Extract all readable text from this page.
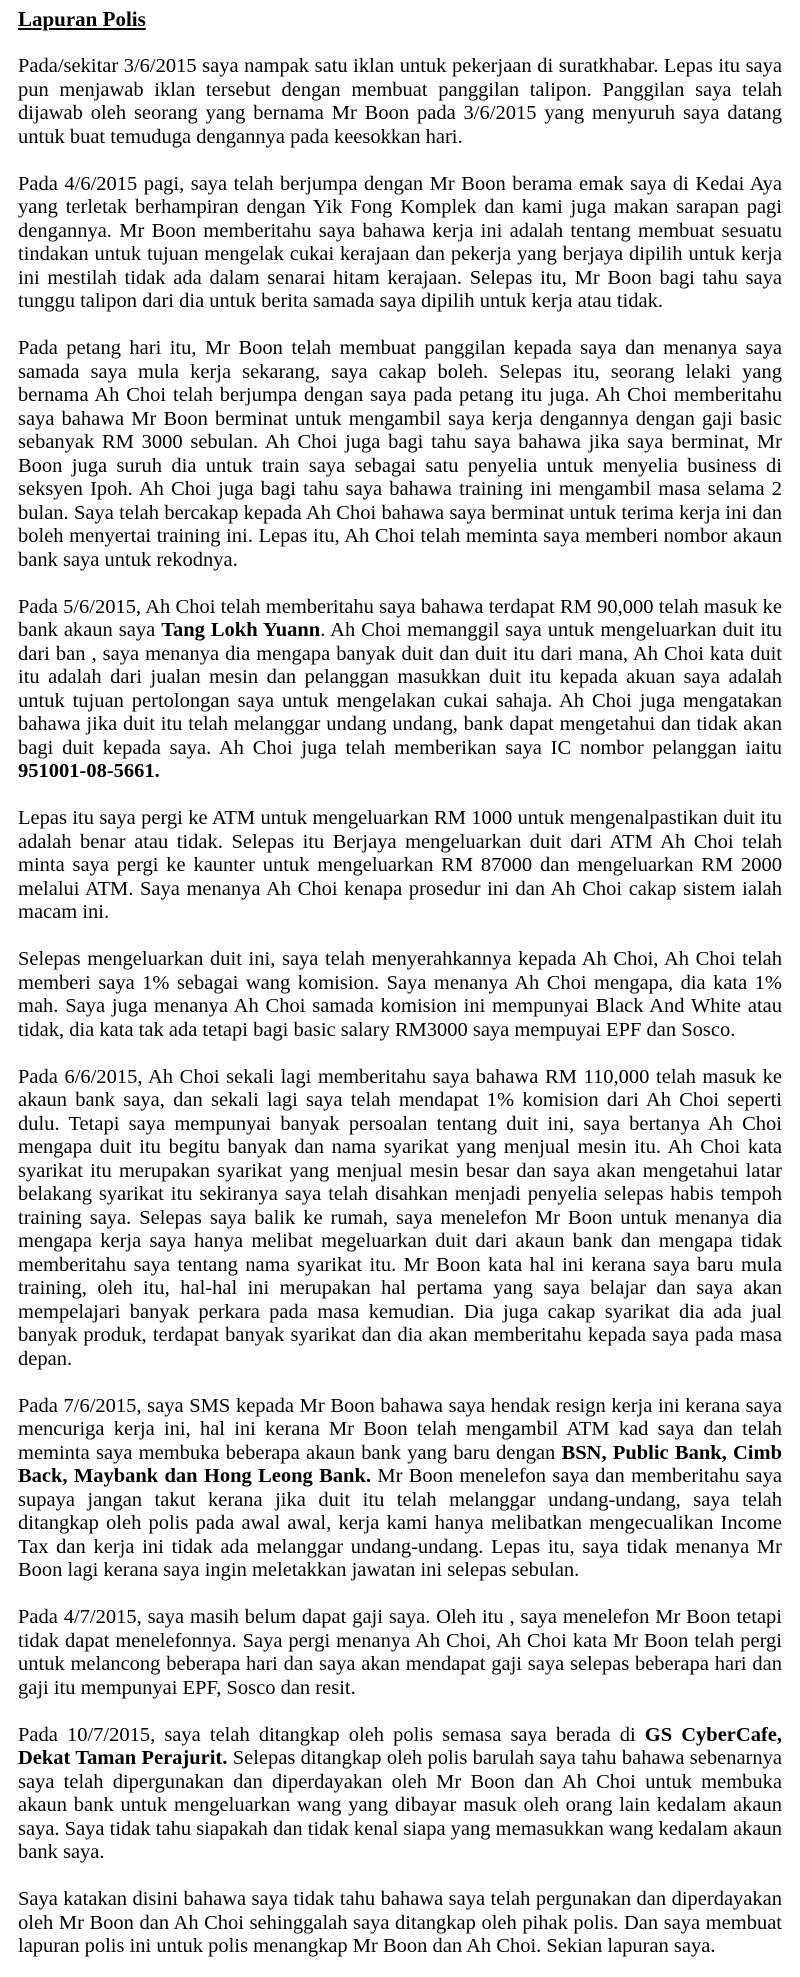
Lapuran Polis

Pada/sekitar 3/6/2015 saya nampak satu iklan untuk pekerjaan di suratkhabar. Lepas itu saya pun menjawab iklan tersebut dengan membuat panggilan talipon. Panggilan saya telah dijawab oleh seorang yang bernama Mr Boon pada 3/6/2015 yang menyuruh saya datang untuk buat temuduga dengannya pada keesokkan hari.

Pada 4/6/2015 pagi, saya telah berjumpa dengan Mr Boon berama emak saya di Kedai Aya yang terletak berhampiran dengan Yik Fong Komplek dan kami juga makan sarapan pagi dengannya. Mr Boon memberitahu saya bahawa kerja ini adalah tentang membuat sesuatu tindakan untuk tujuan mengelak cukai kerajaan dan pekerja yang berjaya dipilih untuk kerja ini mestilah tidak ada dalam senarai hitam kerajaan. Selepas itu, Mr Boon bagi tahu saya tunggu talipon dari dia untuk berita samada saya dipilih untuk kerja atau tidak.

Pada petang hari itu, Mr Boon telah membuat panggilan kepada saya dan menanya saya samada saya mula kerja sekarang, saya cakap boleh. Selepas itu, seorang lelaki yang bernama Ah Choi telah berjumpa dengan saya pada petang itu juga. Ah Choi memberitahu saya bahawa Mr Boon berminat untuk mengambil saya kerja dengannya dengan gaji basic sebanyak RM 3000 sebulan. Ah Choi juga bagi tahu saya bahawa jika saya berminat, Mr Boon juga suruh dia untuk train saya sebagai satu penyelia untuk menyelia business di seksyen Ipoh. Ah Choi juga bagi tahu saya bahawa training ini mengambil masa selama 2 bulan. Saya telah bercakap kepada Ah Choi bahawa saya berminat untuk terima kerja ini dan boleh menyertai training ini. Lepas itu, Ah Choi telah meminta saya memberi nombor akaun bank saya untuk rekodnya.

Pada 5/6/2015, Ah Choi telah memberitahu saya bahawa terdapat RM 90,000 telah masuk ke bank akaun saya Tang Lokh Yuann. Ah Choi memanggil saya untuk mengeluarkan duit itu dari ban , saya menanya dia mengapa banyak duit dan duit itu dari mana, Ah Choi kata duit itu adalah dari jualan mesin dan pelanggan masukkan duit itu kepada akuan saya adalah untuk tujuan pertolongan saya untuk mengelakan cukai sahaja. Ah Choi juga mengatakan bahawa jika duit itu telah melanggar undang undang, bank dapat mengetahui dan tidak akan bagi duit kepada saya. Ah Choi juga telah memberikan saya IC nombor pelanggan iaitu 951001-08-5661.

Lepas itu saya pergi ke ATM untuk mengeluarkan RM 1000 untuk mengenalpastikan duit itu adalah benar atau tidak. Selepas itu Berjaya mengeluarkan duit dari ATM Ah Choi telah minta saya pergi ke kaunter untuk mengeluarkan RM 87000 dan mengeluarkan RM 2000 melalui ATM. Saya menanya Ah Choi kenapa prosedur ini dan Ah Choi cakap sistem ialah macam ini.

Selepas mengeluarkan duit ini, saya telah menyerahkannya kepada Ah Choi, Ah Choi telah memberi saya 1% sebagai wang komision. Saya menanya Ah Choi mengapa, dia kata 1% mah. Saya juga menanya Ah Choi samada komision ini mempunyai Black And White atau tidak, dia kata tak ada tetapi bagi basic salary RM3000 saya mempuyai EPF dan Sosco.

Pada 6/6/2015, Ah Choi sekali lagi memberitahu saya bahawa RM 110,000 telah masuk ke akaun bank saya, dan sekali lagi saya telah mendapat 1% komision dari Ah Choi seperti dulu. Tetapi saya mempunyai banyak persoalan tentang duit ini, saya bertanya Ah Choi mengapa duit itu begitu banyak dan nama syarikat yang menjual mesin itu. Ah Choi kata syarikat itu merupakan syarikat yang menjual mesin besar dan saya akan mengetahui latar belakang syarikat itu sekiranya saya telah disahkan menjadi penyelia selepas habis tempoh training saya. Selepas saya balik ke rumah, saya menelefon Mr Boon untuk menanya dia mengapa kerja saya hanya melibat megeluarkan duit dari akaun bank dan mengapa tidak memberitahu saya tentang nama syarikat itu. Mr Boon kata hal ini kerana saya baru mula training, oleh itu, hal-hal ini merupakan hal pertama yang saya belajar dan saya akan mempelajari banyak perkara pada masa kemudian. Dia juga cakap syarikat dia ada jual banyak produk, terdapat banyak syarikat dan dia akan memberitahu kepada saya pada masa depan.

Pada 7/6/2015, saya SMS kepada Mr Boon bahawa saya hendak resign kerja ini kerana saya mencuriga kerja ini, hal ini kerana Mr Boon telah mengambil ATM kad saya dan telah meminta saya membuka beberapa akaun bank yang baru dengan BSN, Public Bank, Cimb Back, Maybank dan Hong Leong Bank. Mr Boon menelefon saya dan memberitahu saya supaya jangan takut kerana jika duit itu telah melanggar undang-undang, saya telah ditangkap oleh polis pada awal awal, kerja kami hanya melibatkan mengecualikan Income Tax dan kerja ini tidak ada melanggar undang-undang. Lepas itu, saya tidak menanya Mr Boon lagi kerana saya ingin meletakkan jawatan ini selepas sebulan.

Pada 4/7/2015, saya masih belum dapat gaji saya. Oleh itu , saya menelefon Mr Boon tetapi tidak dapat menelefonnya. Saya pergi menanya Ah Choi, Ah Choi kata Mr Boon telah pergi untuk melancong beberapa hari dan saya akan mendapat gaji saya selepas beberapa hari dan gaji itu mempunyai EPF, Sosco dan resit.

Pada 10/7/2015, saya telah ditangkap oleh polis semasa saya berada di GS CyberCafe, Dekat Taman Perajurit. Selepas ditangkap oleh polis barulah saya tahu bahawa sebenarnya saya telah dipergunakan dan diperdayakan oleh Mr Boon dan Ah Choi untuk membuka akaun bank untuk mengeluarkan wang yang dibayar masuk oleh orang lain kedalam akaun saya. Saya tidak tahu siapakah dan tidak kenal siapa yang memasukkan wang kedalam akaun bank saya.

Saya katakan disini bahawa saya tidak tahu bahawa saya telah pergunakan dan diperdayakan oleh Mr Boon dan Ah Choi sehinggalah saya ditangkap oleh pihak polis. Dan saya membuat lapuran polis ini untuk polis menangkap Mr Boon dan Ah Choi. Sekian lapuran saya.
